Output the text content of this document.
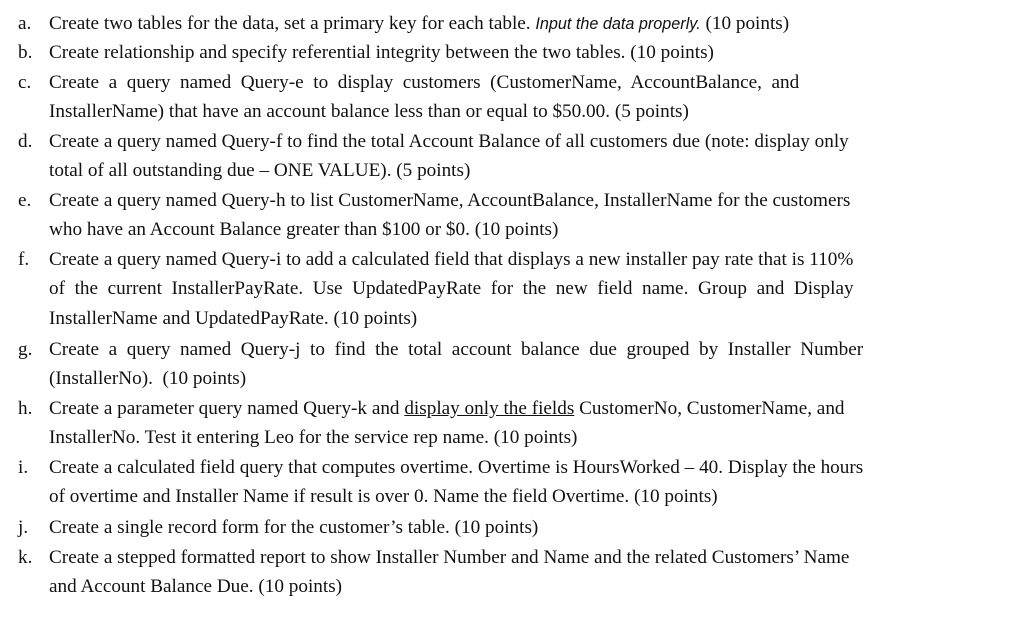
a. Create two tables for the data, set a primary key for each table. Input the data properly. (10 points)
b. Create relationship and specify referential integrity between the two tables. (10 points)
c. Create  a  query  named  Query-e  to  display  customers  (CustomerName,  AccountBalance,  and
InstallerName) that have an account balance less than or equal to $50.00. (5 points)
d. Create a query named Query-f to find the total Account Balance of all customers due (note: display only
total of all outstanding due – ONE VALUE). (5 points)
e. Create a query named Query-h to list CustomerName, AccountBalance, InstallerName for the customers
who have an Account Balance greater than $100 or $0. (10 points)
f.	Create a query named Query-i to add a calculated field that displays a new installer pay rate that is 110%
of  the  current  InstallerPayRate.  Use  UpdatedPayRate  for  the  new  field  name.  Group  and  Display
InstallerName and UpdatedPayRate. (10 points)
g. Create  a  query  named  Query-j  to  find  the  total  account  balance  due  grouped  by  Installer  Number
(InstallerNo).  (10 points)
h. Create a parameter query named Query-k and display only the fields CustomerNo, CustomerName, and
InstallerNo. Test it entering Leo for the service rep name. (10 points)
i.	Create a calculated field query that computes overtime. Overtime is HoursWorked – 40. Display the hours
of overtime and Installer Name if result is over 0. Name the field Overtime. (10 points)
j.	Create a single record form for the customer’s table. (10 points)
k. Create a stepped formatted report to show Installer Number and Name and the related Customers’ Name
and Account Balance Due. (10 points)
